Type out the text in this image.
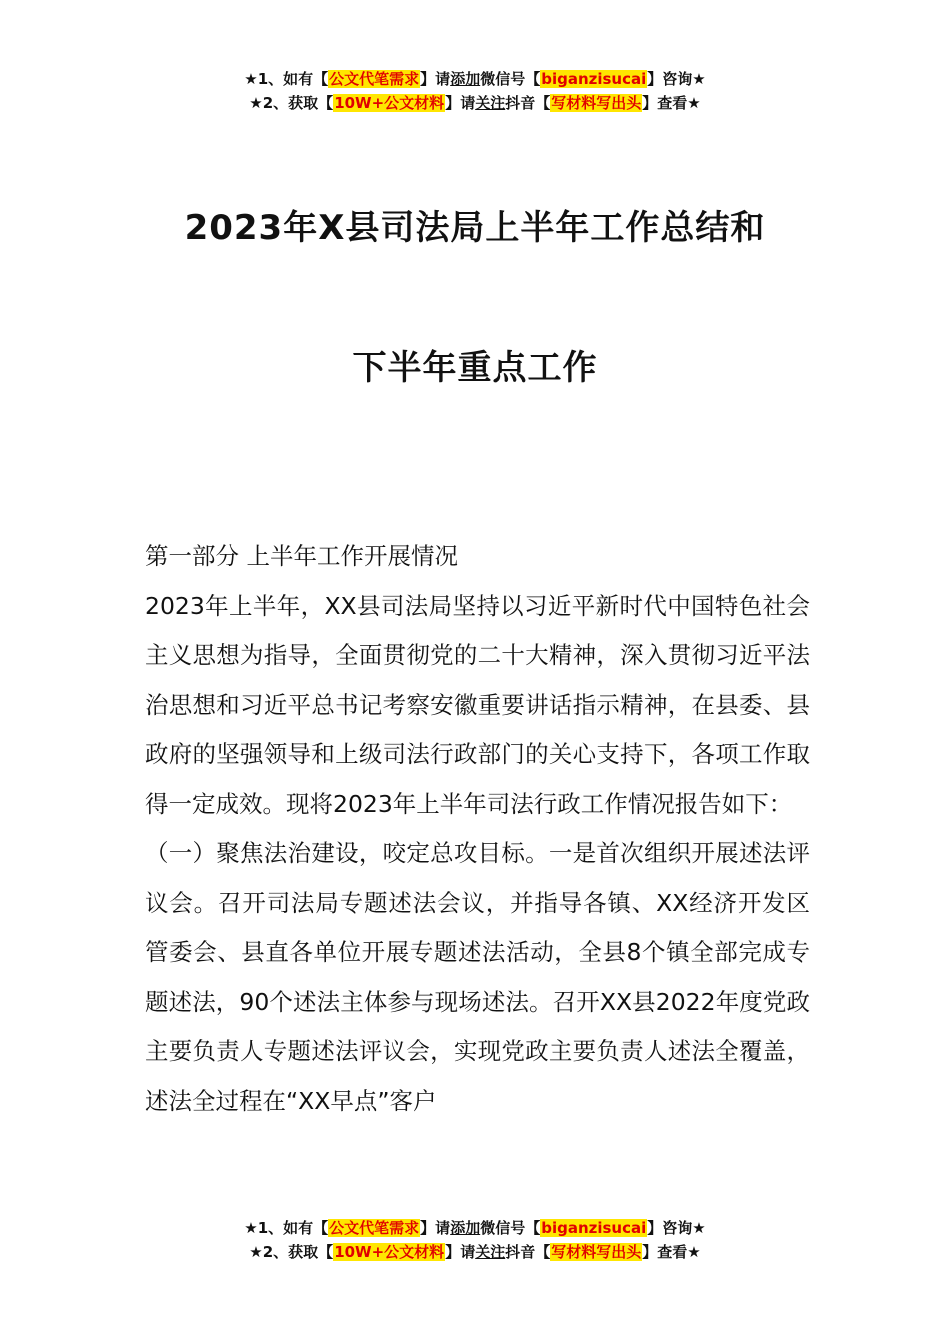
★1、如有【公文代笔需求】请添加微信号【biganzisucai】咨询★
★2、获取【10W+公文材料】请关注抖音【写材料写出头】查看★
2023年X县司法局上半年工作总结和
下半年重点工作

第一部分 上半年工作开展情况

2023年上半年，XX县司法局坚持以习近平新时代中国特色社会主义思想为指导，全面贯彻党的二十大精神，深入贯彻习近平法治思想和习近平总书记考察安徽重要讲话指示精神，在县委、县政府的坚强领导和上级司法行政部门的关心支持下，各项工作取得一定成效。现将2023年上半年司法行政工作情况报告如下：

（一）聚焦法治建设，咬定总攻目标。一是首次组织开展述法评议会。召开司法局专题述法会议，并指导各镇、XX经济开发区管委会、县直各单位开展专题述法活动，全县8个镇全部完成专题述法，90个述法主体参与现场述法。召开XX县2022年度党政主要负责人专题述法评议会，实现党政主要负责人述法全覆盖，述法全过程在“XX早点”客户

★1、如有【公文代笔需求】请添加微信号【biganzisucai】咨询★
★2、获取【10W+公文材料】请关注抖音【写材料写出头】查看★
